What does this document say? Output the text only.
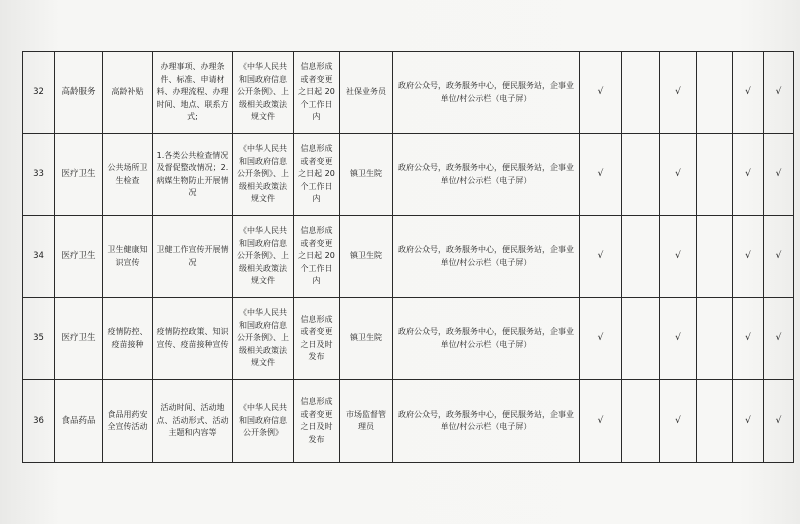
32	高龄服务	高龄补贴	办理事项、办理条件、标准、申请材料、办理流程、办理时间、地点、联系方式;	《中华人民共和国政府信息公开条例》、上级相关政策法规文件	信息形成或者变更之日起 20 个工作日内	社保业务员	政府公众号，政务服务中心，便民服务站，企事业单位/村公示栏（电子屏）	√		√		√	√
33	医疗卫生	公共场所卫生检查	1.各类公共检查情况及督促整改情况；2.病媒生物防止开展情况	《中华人民共和国政府信息公开条例》、上级相关政策法规文件	信息形成或者变更之日起 20 个工作日内	镇卫生院	政府公众号，政务服务中心，便民服务站，企事业单位/村公示栏（电子屏）	√		√		√	√
34	医疗卫生	卫生健康知识宣传	卫健工作宣传开展情况	《中华人民共和国政府信息公开条例》、上级相关政策法规文件	信息形成或者变更之日起 20 个工作日内	镇卫生院	政府公众号，政务服务中心，便民服务站，企事业单位/村公示栏（电子屏）	√		√		√	√
35	医疗卫生	疫情防控、疫苗接种	疫情防控政策、知识宣传、疫苗接种宣传	《中华人民共和国政府信息公开条例》、上级相关政策法规文件	信息形成或者变更之日及时发布	镇卫生院	政府公众号，政务服务中心，便民服务站，企事业单位/村公示栏（电子屏）	√		√		√	√
36	食品药品	食品用药安全宣传活动	活动时间、活动地点、活动形式、活动主题和内容等	《中华人民共和国政府信息公开条例》	信息形成或者变更之日及时发布	市场监督管理员	政府公众号，政务服务中心，便民服务站，企事业单位/村公示栏（电子屏）	√		√		√	√
